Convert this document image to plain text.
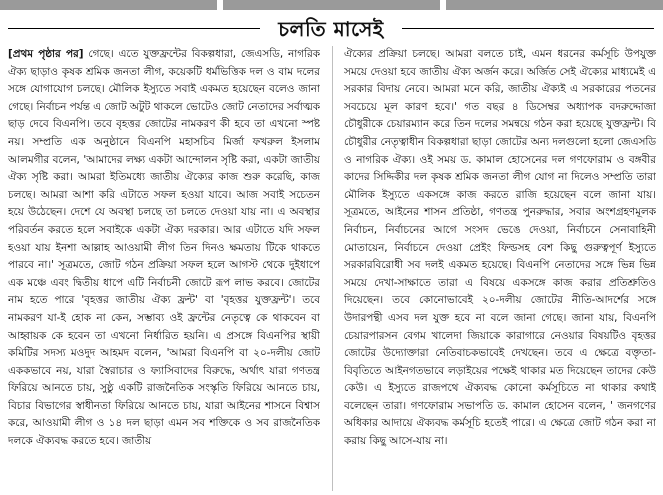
চলতি মাসেই

[প্রথম পৃষ্ঠার পর] গেছে। এতে যুক্তফ্রন্টের বিকল্পধারা, জেএসডি, নাগরিক ঐক্য ছাড়াও কৃষক শ্রমিক জনতা লীগ, কয়েকটি ধর্মভিত্তিক দল ও বাম দলের সঙ্গে যোগাযোগ চলছে। মৌলিক ইস্যুতে সবাই একমত হয়েছেন বলেও জানা গেছে। নির্বাচন পর্যন্ত এ জোট অটুট থাকলে ভোটেও জোট নেতাদের সর্বাত্মক ছাড় দেবে বিএনপি। তবে বৃহত্তর জোটের নামকরণ কী হবে তা এখনো স্পষ্ট নয়। সম্প্রতি এক অনুষ্ঠানে বিএনপি মহাসচিব মির্জা ফখরুল ইসলাম আলমগীর বলেন, 'আমাদের লক্ষ্য একটা আন্দোলন সৃষ্টি করা, একটা জাতীয় ঐক্য সৃষ্টি করা। আমরা ইতিমধ্যে জাতীয় ঐক্যের কাজ শুরু করেছি, কাজ চলছে। আমরা আশা করি এটাতে সফল হওয়া যাবে। আজ সবাই সচেতন হয়ে উঠেছেন। দেশে যে অবস্থা চলছে তা চলতে দেওয়া যায় না। এ অবস্থার পরিবর্তন করতে হলে সবাইকে একটা ঐক্য দরকার। আর এটাতে যদি সফল হওয়া যায় ইনশা আল্লাহ আওয়ামী লীগ তিন দিনও ক্ষমতায় টিকে থাকতে পারবে না।' সূত্রমতে, জোট গঠন প্রক্রিয়া সফল হলে আগস্ট থেকে দুইধাপে এক মঞ্চে এবং দ্বিতীয় ধাপে এটি নির্বাচনী জোটে রূপ লাভ করবে। জোটের নাম হতে পারে 'বৃহত্তর জাতীয় ঐক্য ফ্রন্ট' বা 'বৃহত্তর যুক্তফ্রন্ট'। তবে নামকরণ যা-ই হোক না কেন, সম্ভাব্য ওই ফ্রন্টের নেতৃত্বে কে থাকবেন বা আহ্বায়ক কে হবেন তা এখনো নির্ধারিত হয়নি। এ প্রসঙ্গে বিএনপির স্থায়ী কমিটির সদস্য মওদুদ আহমদ বলেন, 'আমরা বিএনপি বা ২০-দলীয় জোট এককভাবে নয়, যারা স্বৈরাচার ও ফ্যাসিবাদের বিরুদ্ধে, অর্থাৎ যারা গণতন্ত্র ফিরিয়ে আনতে চায়, সুষ্ঠু একটি রাজনৈতিক সংস্কৃতি ফিরিয়ে আনতে চায়, বিচার বিভাগের স্বাধীনতা ফিরিয়ে আনতে চায়, যারা আইনের শাসনে বিশ্বাস করে, আওয়ামী লীগ ও ১৪ দল ছাড়া এমন সব শক্তিকে ও সব রাজনৈতিক দলকে ঐক্যবদ্ধ করতে হবে। জাতীয়

ঐক্যের প্রক্রিয়া চলছে। আমরা বলতে চাই, এমন ধরনের কর্মসূচি উপযুক্ত সময়ে দেওয়া হবে জাতীয় ঐক্য অর্জন করে। অর্জিত সেই ঐক্যের মাধ্যমেই এ সরকার বিদায় নেবে। আমরা মনে করি, জাতীয় ঐক্যই এ সরকারের পতনের সবচেয়ে মূল কারণ হবে।' গত বছর ৪ ডিসেম্বর অধ্যাপক বদরুদ্দোজা চৌধুরীকে চেয়ারম্যান করে তিন দলের সমন্বয়ে গঠন করা হয়েছে যুক্তফ্রন্ট। বি চৌধুরীর নেতৃত্বাধীন বিকল্পধারা ছাড়া জোটের অন্য দলগুলো হলো জেএসডি ও নাগরিক ঐক্য। ওই সময় ড. কামাল হোসেনের দল গণফোরাম ও বঙ্গবীর কাদের সিদ্দিকীর দল কৃষক শ্রমিক জনতা লীগ যোগ না দিলেও সম্প্রতি তারা মৌলিক ইস্যুতে একসঙ্গে কাজ করতে রাজি হয়েছেন বলে জানা যায়। সূত্রমতে, আইনের শাসন প্রতিষ্ঠা, গণতন্ত্র পুনরুদ্ধার, সবার অংশগ্রহণমূলক নির্বাচন, নির্বাচনের আগে সংসদ ভেঙে দেওয়া, নির্বাচনে সেনাবাহিনী মোতায়েন, নির্বাচনে দেওয়া প্রেইং ফিল্ডসহ বেশ কিছু গুরুত্বপূর্ণ ইস্যুতে সরকারবিরোধী সব দলই একমত হয়েছে। বিএনপি নেতাদের সঙ্গে ভিন্ন ভিন্ন সময়ে দেখা-সাক্ষাতে তারা এ বিষয়ে একসঙ্গে কাজ করার প্রতিশ্রুতিও দিয়েছেন। তবে কোনোভাবেই ২০-দলীয় জোটের নীতি-আদর্শের সঙ্গে উদারপন্থী এসব দল যুক্ত হবে না বলে জানা গেছে। জানা যায়, বিএনপি চেয়ারপারসন বেগম খালেদা জিয়াকে কারাগারে নেওয়ার বিষয়টিও বৃহত্তর জোটের উদ্যোক্তারা নেতিবাচকভাবেই দেখছেন। তবে এ ক্ষেত্রে বক্তৃতা-বিবৃতিতে আইনগতভাবে লড়াইয়ের পক্ষেই থাকার মত দিয়েছেন তাদের কেউ কেউ। এ ইস্যুতে রাজপথে ঐক্যবদ্ধ কোনো কর্মসূচিতে না থাকার কথাই বলেছেন তারা। গণফোরাম সভাপতি ড. কামাল হোসেন বলেন, ' জনগণের অধিকার আদায়ে ঐক্যবদ্ধ কর্মসূচি হতেই পারে। এ ক্ষেত্রে জোট গঠন করা না করায় কিছু আসে-যায় না।
